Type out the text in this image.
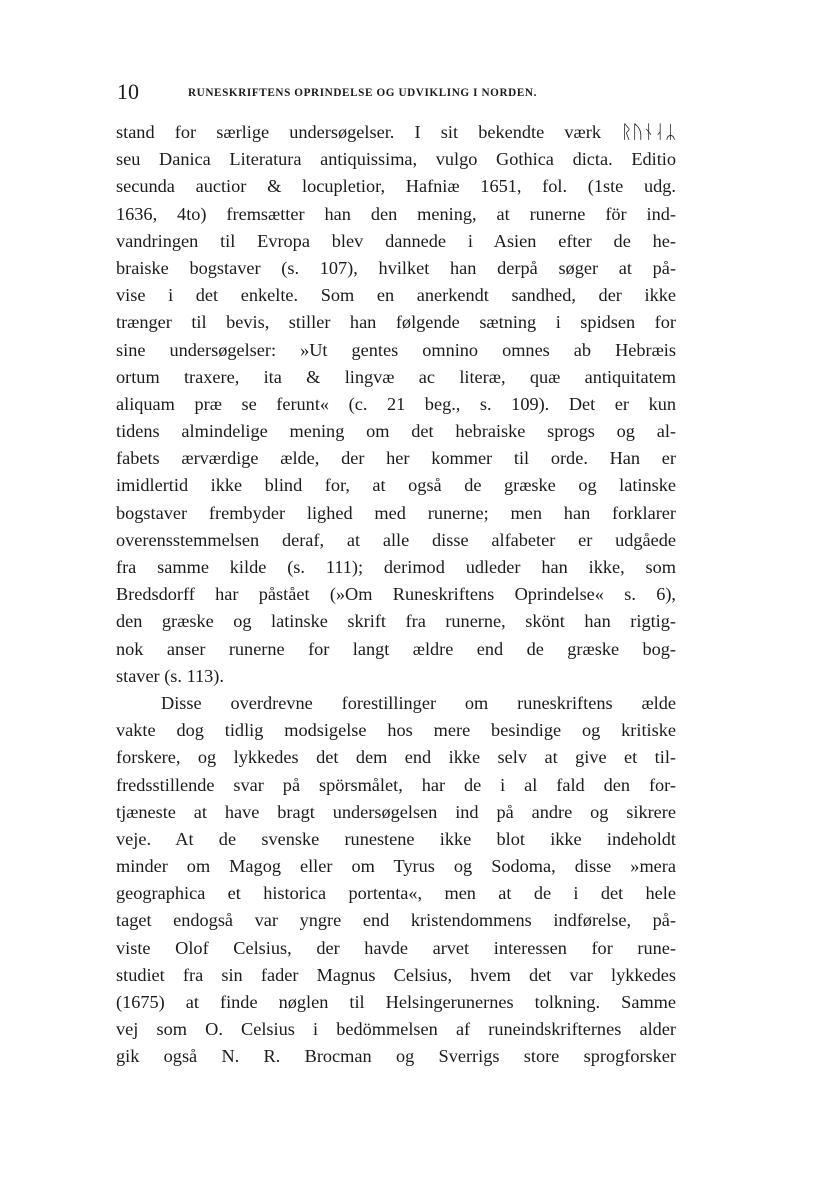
10	RUNESKRIFTENS OPRINDELSE OG UDVIKLING I NORDEN.
stand for særlige undersøgelser. I sit bekendte værk ᚱᚢᚾᛆᛦ
seu Danica Literatura antiquissima, vulgo Gothica dicta. Editio
secunda auctior & locupletior, Hafniæ 1651, fol. (1ste udg.
1636, 4to) fremsætter han den mening, at runerne för ind-
vandringen til Evropa blev dannede i Asien efter de he-
braiske bogstaver (s. 107), hvilket han derpå søger at på-
vise i det enkelte. Som en anerkendt sandhed, der ikke
trænger til bevis, stiller han følgende sætning i spidsen for
sine undersøgelser: »Ut gentes omnino omnes ab Hebræis
ortum traxere, ita & lingvæ ac literæ, quæ antiquitatem
aliquam præ se ferunt« (c. 21 beg., s. 109). Det er kun
tidens almindelige mening om det hebraiske sprogs og al-
fabets ærværdige ælde, der her kommer til orde. Han er
imidlertid ikke blind for, at også de græske og latinske
bogstaver frembyder lighed med runerne; men han forklarer
overensstemmelsen deraf, at alle disse alfabeter er udgåede
fra samme kilde (s. 111); derimod udleder han ikke, som
Bredsdorff har påstået (»Om Runeskriftens Oprindelse« s. 6),
den græske og latinske skrift fra runerne, skönt han rigtig-
nok anser runerne for langt ældre end de græske bog-
staver (s. 113).
Disse overdrevne forestillinger om runeskriftens ælde
vakte dog tidlig modsigelse hos mere besindige og kritiske
forskere, og lykkedes det dem end ikke selv at give et til-
fredsstillende svar på spörsmålet, har de i al fald den for-
tjæneste at have bragt undersøgelsen ind på andre og sikrere
veje. At de svenske runestene ikke blot ikke indeholdt
minder om Magog eller om Tyrus og Sodoma, disse »mera
geographica et historica portenta«, men at de i det hele
taget endogså var yngre end kristendommens indførelse, på-
viste Olof Celsius, der havde arvet interessen for rune-
studiet fra sin fader Magnus Celsius, hvem det var lykkedes
(1675) at finde nøglen til Helsingerunernes tolkning. Samme
vej som O. Celsius i bedömmelsen af runeindskrifternes alder
gik også N. R. Brocman og Sverrigs store sprogforsker
